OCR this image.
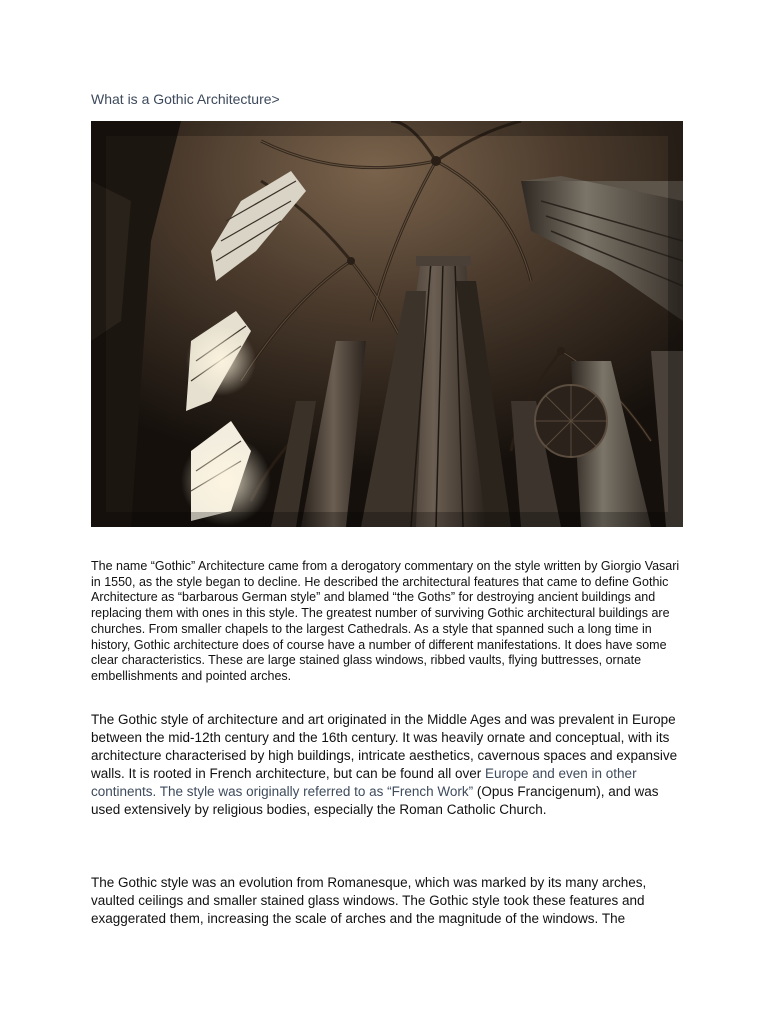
What is a Gothic Architecture>

The name “Gothic” Architecture came from a derogatory commentary on the style written by Giorgio Vasari in 1550, as the style began to decline. He described the architectural features that came to define Gothic Architecture as “barbarous German style” and blamed “the Goths” for destroying ancient buildings and replacing them with ones in this style. The greatest number of surviving Gothic architectural buildings are churches. From smaller chapels to the largest Cathedrals. As a style that spanned such a long time in history, Gothic architecture does of course have a number of different manifestations. It does have some clear characteristics. These are large stained glass windows, ribbed vaults, flying buttresses, ornate embellishments and pointed arches.

The Gothic style of architecture and art originated in the Middle Ages and was prevalent in Europe between the mid-12th century and the 16th century. It was heavily ornate and conceptual, with its architecture characterised by high buildings, intricate aesthetics, cavernous spaces and expansive walls. It is rooted in French architecture, but can be found all over Europe and even in other continents. The style was originally referred to as “French Work” (Opus Francigenum), and was used extensively by religious bodies, especially the Roman Catholic Church.

The Gothic style was an evolution from Romanesque, which was marked by its many arches, vaulted ceilings and smaller stained glass windows. The Gothic style took these features and exaggerated them, increasing the scale of arches and the magnitude of the windows. The
